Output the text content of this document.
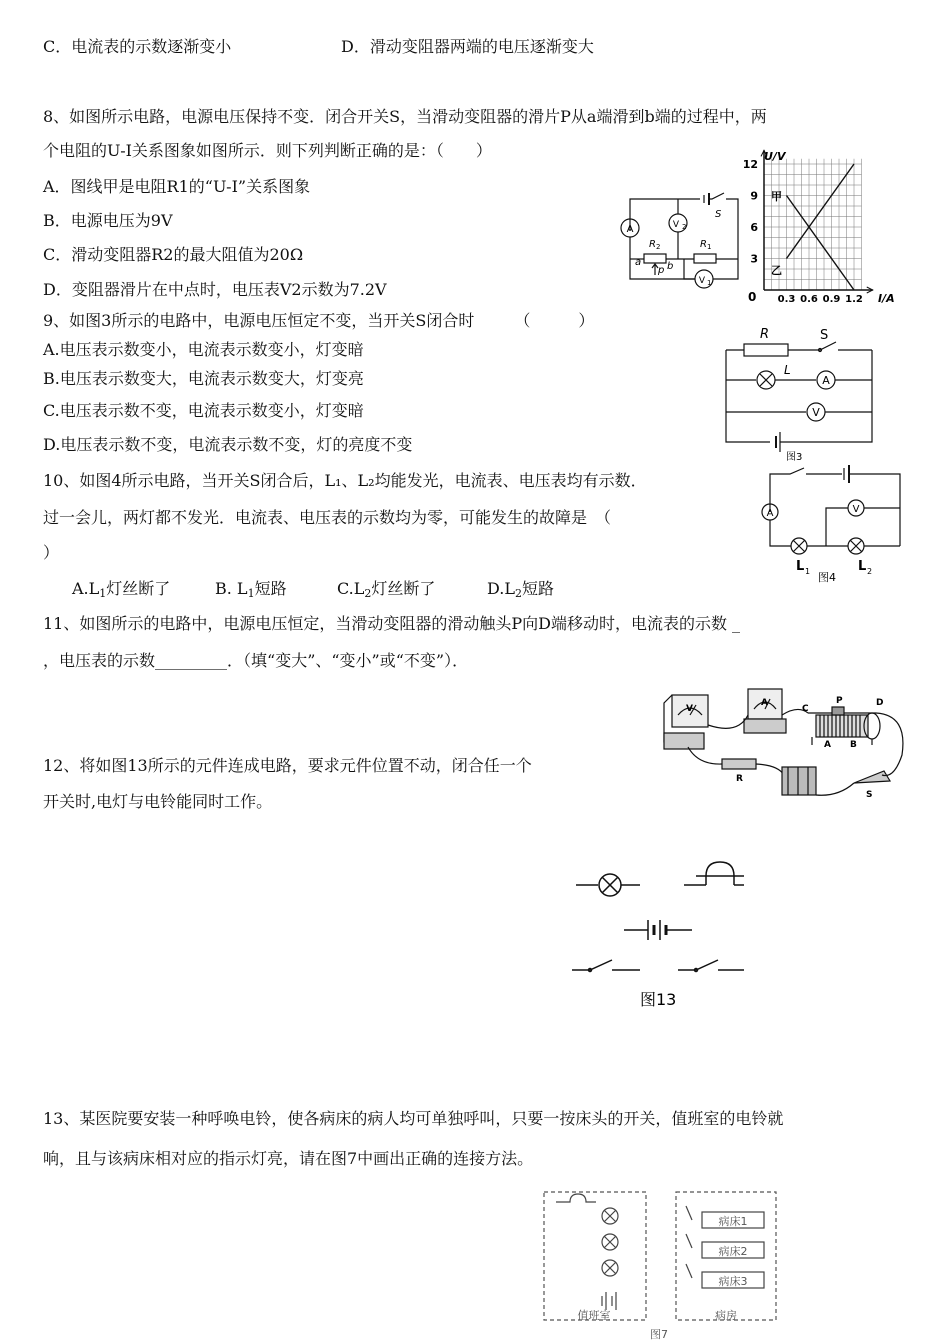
C．电流表的示数逐渐变小	D．滑动变阻器两端的电压逐渐变大
8、如图所示电路，电源电压保持不变．闭合开关S，当滑动变阻器的滑片P从a端滑到b端的过程中，两
个电阻的U-I关系图象如图所示．则下列判断正确的是：（　　）
A．图线甲是电阻R1的“U-I”关系图象
B．电源电压为9V
C．滑动变阻器R2的最大阻值为20Ω
D．变阻器滑片在中点时，电压表V2示数为7.2V
A	V 2
V 1
S
R 2	R 1
a
p b
3
6
9
12
0.3 0.6 0.9 1.2
U/V
I/A
0
甲
乙
9、如图3所示的电路中，电源电压恒定不变，当开关S闭合时　　　（　　　）
A.电压表示数变小，电流表示数变小，灯变暗
B.电压表示数变大，电流表示数变大，灯变亮
C.电压表示数不变，电流表示数变小，灯变暗
D.电压表示数不变，电流表示数不变，灯的亮度不变
R	S
L
A
V
图3
10、如图4所示电路，当开关S闭合后，L₁、L₂均能发光，电流表、电压表均有示数．
过一会儿，两灯都不发光．电流表、电压表的示数均为零，可能发生的故障是　（
）
$A.L_1$灯丝断了	B. $L_1$短路	$C.L_2$灯丝断了	$D.L_2$短路
A	V
L 1	L 2
图4
11、如图所示的电路中，电源电压恒定，当滑动变阻器的滑动触头P向D端移动时，电流表的示数 _
，电压表的示数_________．（填“变大”、“变小”或“不变”）．
V
A	P
C
D
A B
R
S
12、将如图13所示的元件连成电路，要求元件位置不动，闭合任一个
开关时,电灯与电铃能同时工作。
图13
13、某医院要安装一种呼唤电铃，使各病床的病人均可单独呼叫，只要一按床头的开关，值班室的电铃就
响，且与该病床相对应的指示灯亮，请在图7中画出正确的连接方法。
病床1
病床2
病床3
值班室	病房
图7
